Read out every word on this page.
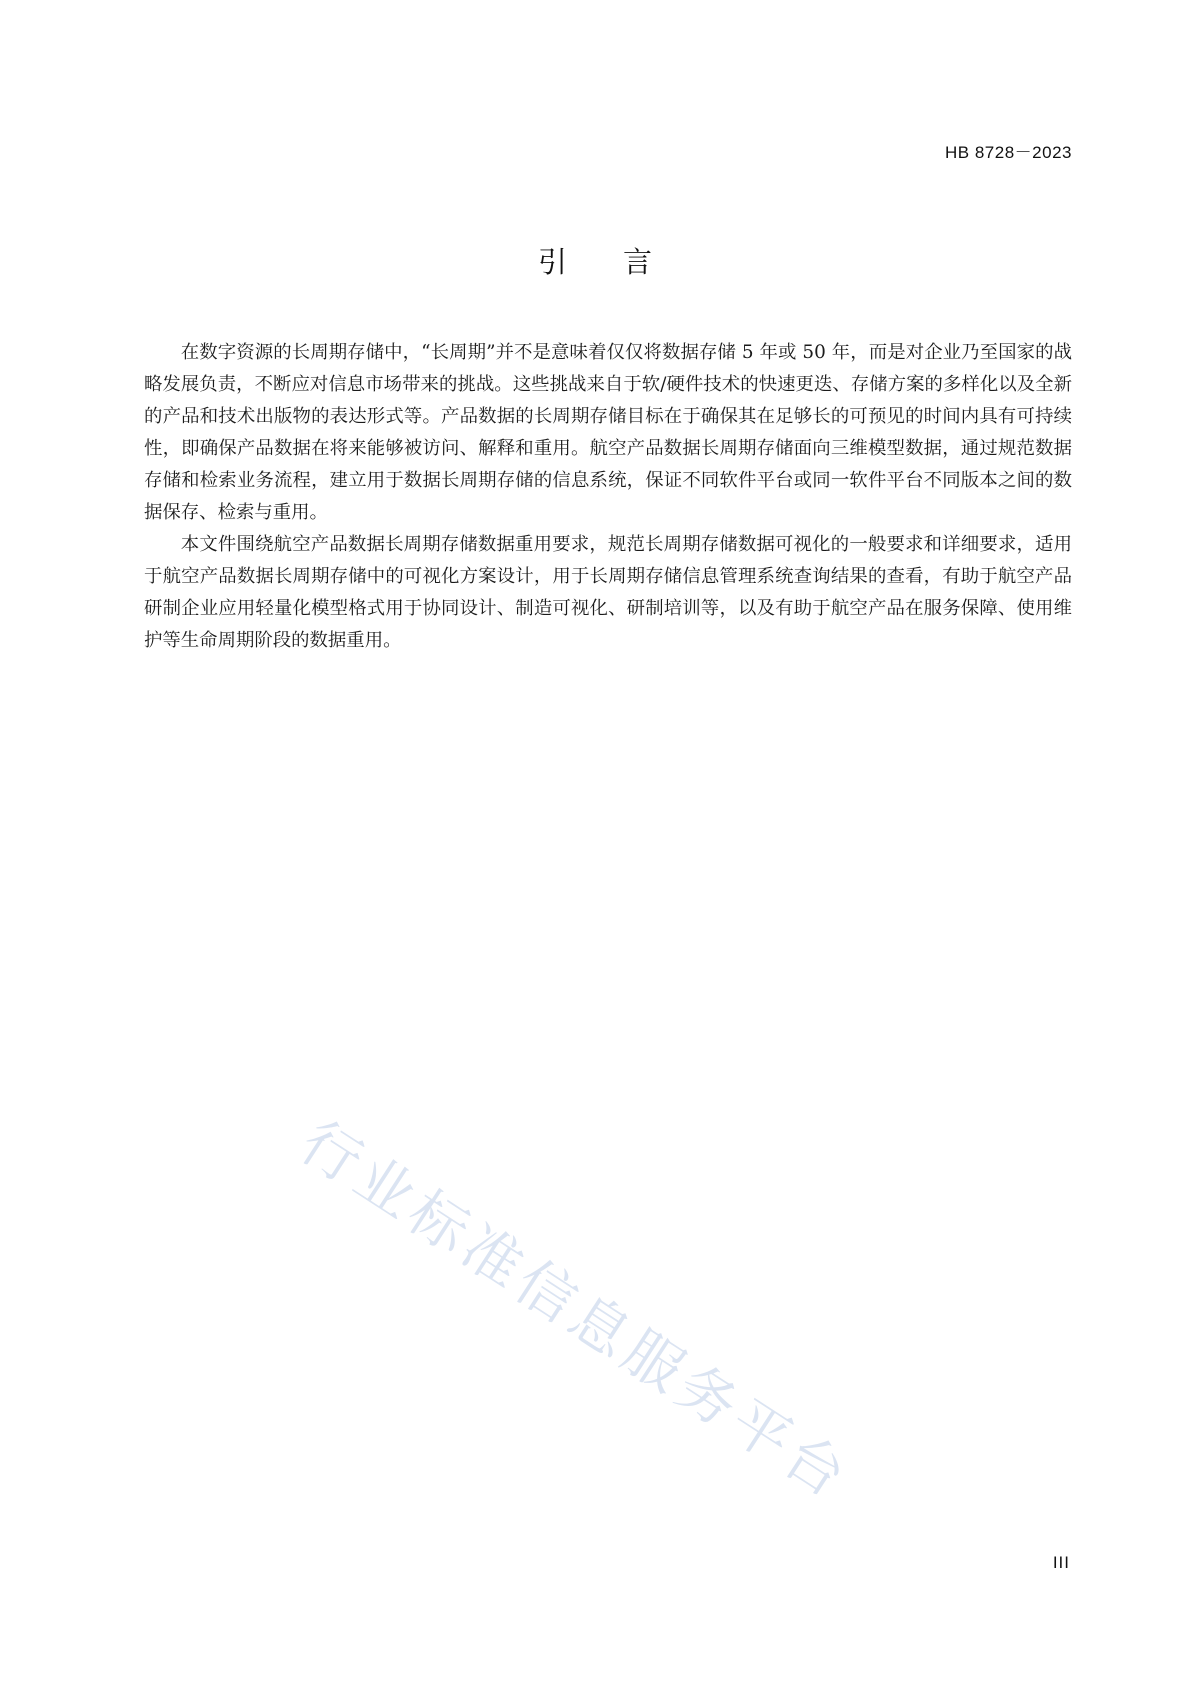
HB 8728－2023
引言

在数字资源的长周期存储中，“长周期”并不是意味着仅仅将数据存储 5 年或 50 年，而是对企业乃至国家的战略发展负责，不断应对信息市场带来的挑战。这些挑战来自于软/硬件技术的快速更迭、存储方案的多样化以及全新的产品和技术出版物的表达形式等。产品数据的长周期存储目标在于确保其在足够长的可预见的时间内具有可持续性，即确保产品数据在将来能够被访问、解释和重用。航空产品数据长周期存储面向三维模型数据，通过规范数据存储和检索业务流程，建立用于数据长周期存储的信息系统，保证不同软件平台或同一软件平台不同版本之间的数据保存、检索与重用。

本文件围绕航空产品数据长周期存储数据重用要求，规范长周期存储数据可视化的一般要求和详细要求，适用于航空产品数据长周期存储中的可视化方案设计，用于长周期存储信息管理系统查询结果的查看，有助于航空产品研制企业应用轻量化模型格式用于协同设计、制造可视化、研制培训等，以及有助于航空产品在服务保障、使用维护等生命周期阶段的数据重用。

行业标准信息服务平台
III
